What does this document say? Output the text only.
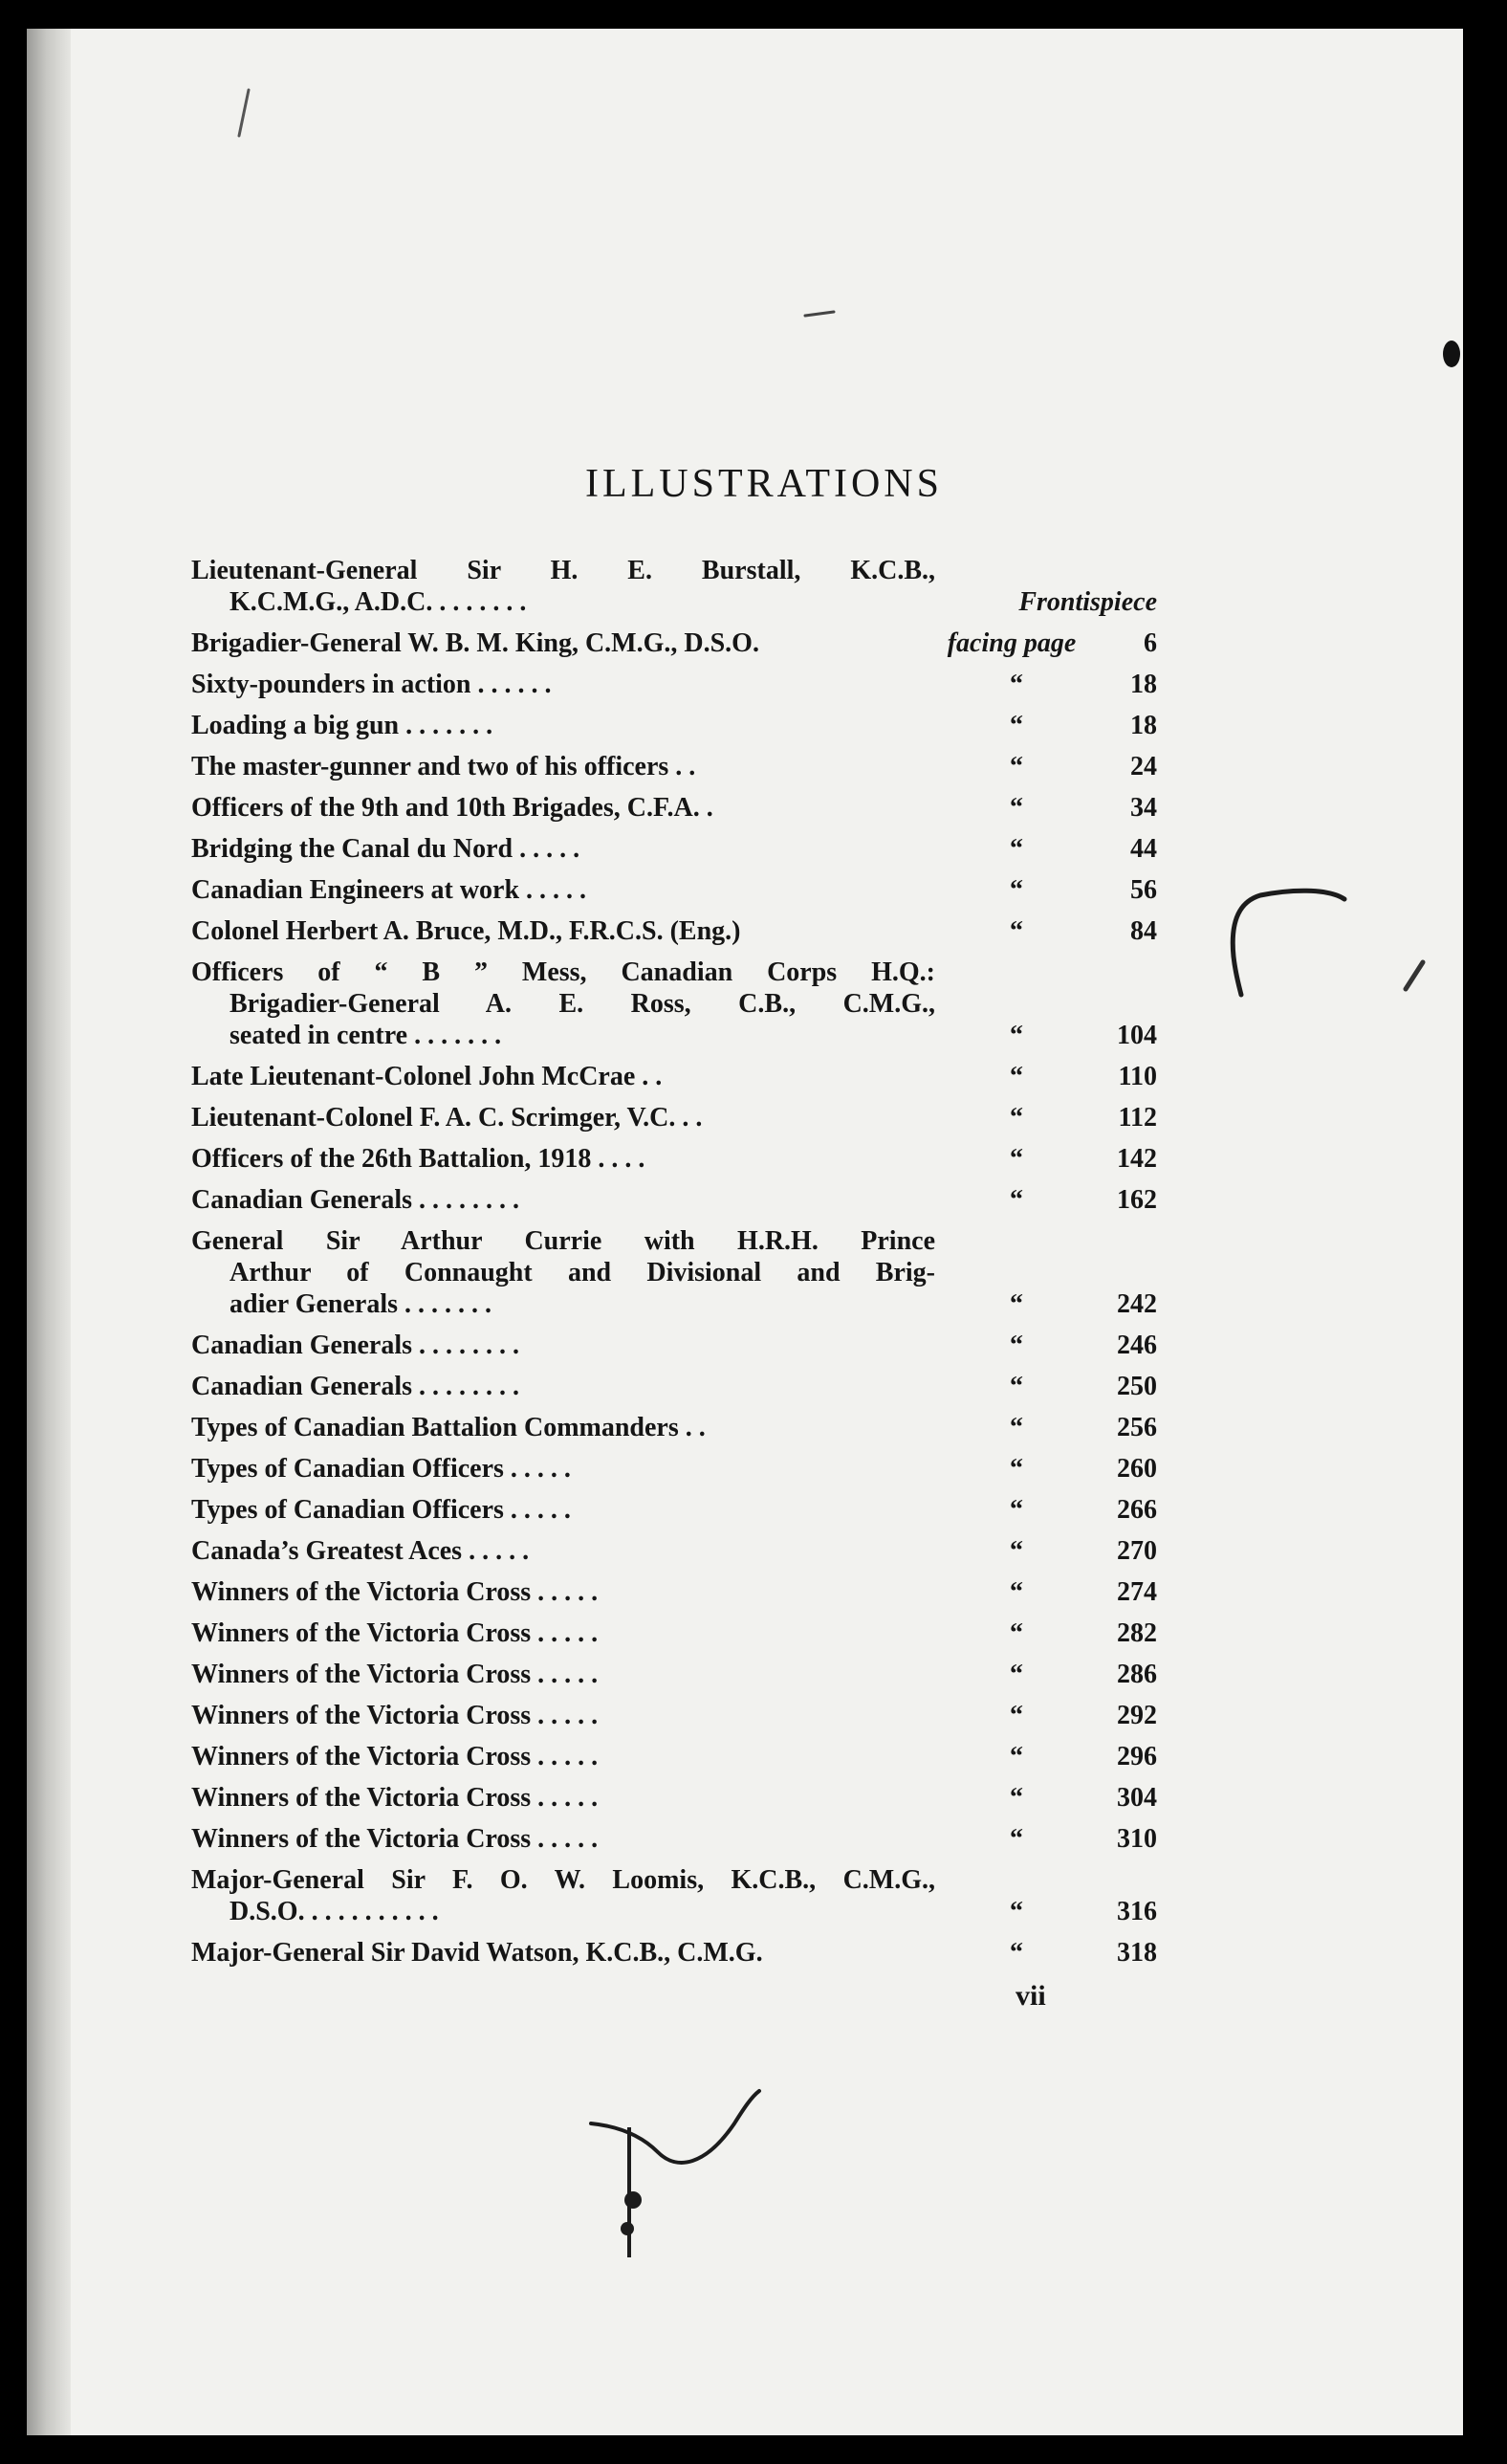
ILLUSTRATIONS
Lieutenant-General Sir H. E. Burstall, K.C.B.,
K.C.M.G., A.D.C. . . . . . . .	Frontispiece
Brigadier-General W. B. M. King, C.M.G., D.S.O.	facing page	6
Sixty-pounders in action . . . . . .	“	18
Loading a big gun . . . . . . .	“	18
The master-gunner and two of his officers . .	“	24
Officers of the 9th and 10th Brigades, C.F.A. .	“	34
Bridging the Canal du Nord . . . . .	“	44
Canadian Engineers at work . . . . .	“	56
Colonel Herbert A. Bruce, M.D., F.R.C.S. (Eng.)	“	84
Officers of “ B ” Mess, Canadian Corps H.Q.:
Brigadier-General A. E. Ross, C.B., C.M.G.,
seated in centre . . . . . . .	“	104
Late Lieutenant-Colonel John McCrae . .	“	110
Lieutenant-Colonel F. A. C. Scrimger, V.C. . .	“	112
Officers of the 26th Battalion, 1918 . . . .	“	142
Canadian Generals . . . . . . . .	“	162
General Sir Arthur Currie with H.R.H. Prince
Arthur of Connaught and Divisional and Brig-
adier Generals . . . . . . .	“	242
Canadian Generals . . . . . . . .	“	246
Canadian Generals . . . . . . . .	“	250
Types of Canadian Battalion Commanders . .	“	256
Types of Canadian Officers . . . . .	“	260
Types of Canadian Officers . . . . .	“	266
Canada’s Greatest Aces . . . . .	“	270
Winners of the Victoria Cross . . . . .	“	274
Winners of the Victoria Cross . . . . .	“	282
Winners of the Victoria Cross . . . . .	“	286
Winners of the Victoria Cross . . . . .	“	292
Winners of the Victoria Cross . . . . .	“	296
Winners of the Victoria Cross . . . . .	“	304
Winners of the Victoria Cross . . . . .	“	310
Major-General Sir F. O. W. Loomis, K.C.B., C.M.G.,
D.S.O. . . . . . . . . . .	“	316
Major-General Sir David Watson, K.C.B., C.M.G.	“	318
vii
